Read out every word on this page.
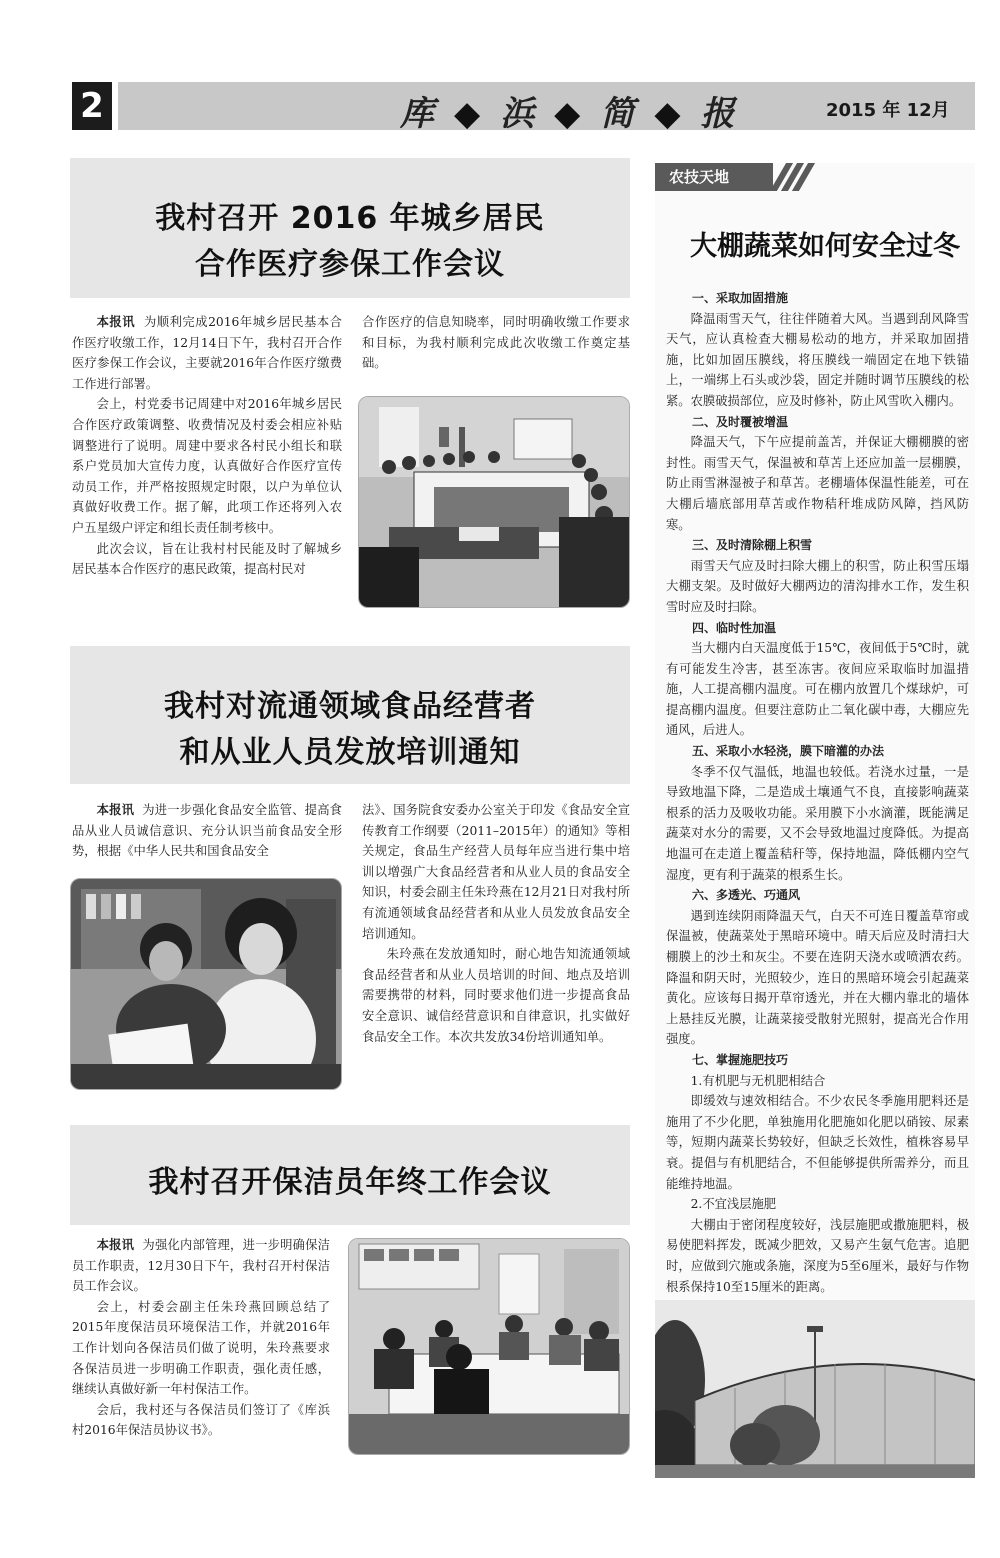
2	库◆浜◆简◆报	2015 年 12月
我村召开 2016 年城乡居民
合作医疗参保工作会议

本报讯 为顺利完成2016年城乡居民基本合作医疗收缴工作，12月14日下午，我村召开合作医疗参保工作会议，主要就2016年合作医疗缴费工作进行部署。

会上，村党委书记周建中对2016年城乡居民合作医疗政策调整、收费情况及村委会相应补贴调整进行了说明。周建中要求各村民小组长和联系户党员加大宣传力度，认真做好合作医疗宣传动员工作，并严格按照规定时限，以户为单位认真做好收费工作。据了解，此项工作还将列入农户五星级户评定和组长责任制考核中。

此次会议，旨在让我村村民能及时了解城乡居民基本合作医疗的惠民政策，提高村民对

合作医疗的信息知晓率，同时明确收缴工作要求和目标，为我村顺利完成此次收缴工作奠定基础。

我村对流通领域食品经营者
和从业人员发放培训通知

本报讯 为进一步强化食品安全监管、提高食品从业人员诚信意识、充分认识当前食品安全形势，根据《中华人民共和国食品安全

法》、国务院食安委办公室关于印发《食品安全宣传教育工作纲要（2011–2015年）的通知》等相关规定，食品生产经营人员每年应当进行集中培训以增强广大食品经营者和从业人员的食品安全知识，村委会副主任朱玲燕在12月21日对我村所有流通领域食品经营者和从业人员发放食品安全培训通知。

朱玲燕在发放通知时，耐心地告知流通领域食品经营者和从业人员培训的时间、地点及培训需要携带的材料，同时要求他们进一步提高食品安全意识、诚信经营意识和自律意识，扎实做好食品安全工作。本次共发放34份培训通知单。

我村召开保洁员年终工作会议

本报讯 为强化内部管理，进一步明确保洁员工作职责，12月30日下午，我村召开村保洁员工作会议。

会上，村委会副主任朱玲燕回顾总结了2015年度保洁员环境保洁工作，并就2016年工作计划向各保洁员们做了说明，朱玲燕要求各保洁员进一步明确工作职责，强化责任感，继续认真做好新一年村保洁工作。

会后，我村还与各保洁员们签订了《库浜村2016年保洁员协议书》。

农技天地
大棚蔬菜如何安全过冬
一、采取加固措施

降温雨雪天气，往往伴随着大风。当遇到刮风降雪天气，应认真检查大棚易松动的地方，并采取加固措施，比如加固压膜线，将压膜线一端固定在地下铁锚上，一端绑上石头或沙袋，固定并随时调节压膜线的松紧。农膜破损部位，应及时修补，防止风雪吹入棚内。

二、及时覆被增温

降温天气，下午应提前盖苫，并保证大棚棚膜的密封性。雨雪天气，保温被和草苫上还应加盖一层棚膜，防止雨雪淋湿被子和草苫。老棚墙体保温性能差，可在大棚后墙底部用草苫或作物秸秆堆成防风障，挡风防寒。

三、及时清除棚上积雪

雨雪天气应及时扫除大棚上的积雪，防止积雪压塌大棚支架。及时做好大棚两边的清沟排水工作，发生积雪时应及时扫除。

四、临时性加温

当大棚内白天温度低于15℃，夜间低于5℃时，就有可能发生冷害，甚至冻害。夜间应采取临时加温措施，人工提高棚内温度。可在棚内放置几个煤球炉，可提高棚内温度。但要注意防止二氧化碳中毒，大棚应先通风，后进人。

五、采取小水轻浇，膜下暗灌的办法

冬季不仅气温低，地温也较低。若浇水过量，一是导致地温下降，二是造成土壤通气不良，直接影响蔬菜根系的活力及吸收功能。采用膜下小水滴灌，既能满足蔬菜对水分的需要，又不会导致地温过度降低。为提高地温可在走道上覆盖秸秆等，保持地温，降低棚内空气湿度，更有利于蔬菜的根系生长。

六、多透光、巧通风

遇到连续阴雨降温天气，白天不可连日覆盖草帘或保温被，使蔬菜处于黑暗环境中。晴天后应及时清扫大棚膜上的沙土和灰尘。不要在连阴天浇水或喷洒农药。降温和阴天时，光照较少，连日的黑暗环境会引起蔬菜黄化。应该每日揭开草帘透光，并在大棚内靠北的墙体上悬挂反光膜，让蔬菜接受散射光照射，提高光合作用强度。

七、掌握施肥技巧

1.有机肥与无机肥相结合

即缓效与速效相结合。不少农民冬季施用肥料还是施用了不少化肥，单独施用化肥施如化肥以硝铵、尿素等，短期内蔬菜长势较好，但缺乏长效性，植株容易早衰。提倡与有机肥结合，不但能够提供所需养分，而且能维持地温。

2.不宜浅层施肥

大棚由于密闭程度较好，浅层施肥或撒施肥料，极易使肥料挥发，既减少肥效，又易产生氨气危害。追肥时，应做到穴施或条施，深度为5至6厘米，最好与作物根系保持10至15厘米的距离。
